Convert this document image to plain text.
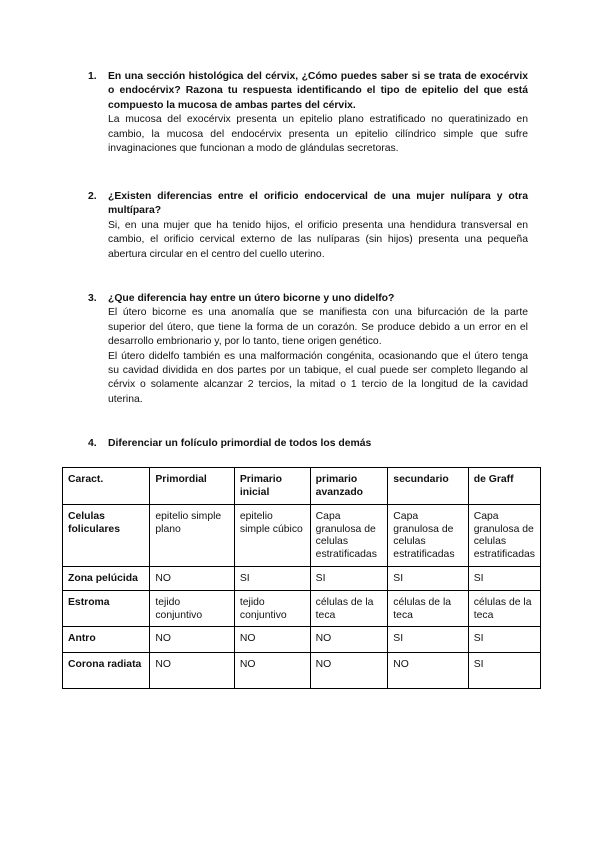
1.	En una sección histológica del cérvix, ¿Cómo puedes saber si se trata de exocérvix o endocérvix? Razona tu respuesta identificando el tipo de epitelio del que está compuesto la mucosa de ambas partes del cérvix.

La mucosa del exocérvix presenta un epitelio plano estratificado no queratinizado en cambio, la mucosa del endocérvix presenta un epitelio cilíndrico simple que sufre invaginaciones que funcionan a modo de glándulas secretoras.

2.	¿Existen diferencias entre el orificio endocervical de una mujer nulípara y otra multípara?

Si, en una mujer que ha tenido hijos, el orificio presenta una hendidura transversal en cambio, el orificio cervical externo de las nulíparas (sin hijos) presenta una pequeña abertura circular en el centro del cuello uterino.

3.	¿Que diferencia hay entre un útero bicorne y uno didelfo?

El útero bicorne es una anomalía que se manifiesta con una bifurcación de la parte superior del útero, que tiene la forma de un corazón. Se produce debido a un error en el desarrollo embrionario y, por lo tanto, tiene origen genético.

El útero didelfo también es una malformación congénita, ocasionando que el útero tenga su cavidad dividida en dos partes por un tabique, el cual puede ser completo llegando al cérvix o solamente alcanzar 2 tercios, la mitad o 1 tercio de la longitud de la cavidad uterina.

4.	Diferenciar un folículo primordial de todos los demás
Caract.	Primordial	Primario inicial	primario avanzado	secundario	de Graff
Celulas foliculares	epitelio simple plano	epitelio simple cúbico	Capa granulosa de celulas estratificadas	Capa granulosa de celulas estratificadas	Capa granulosa de celulas estratificadas
Zona pelúcida	NO	SI	SI	SI	SI
Estroma	tejido conjuntivo	tejido conjuntivo	células de la teca	células de la teca	células de la teca
Antro	NO	NO	NO	SI	SI
Corona radiata	NO	NO	NO	NO	SI
